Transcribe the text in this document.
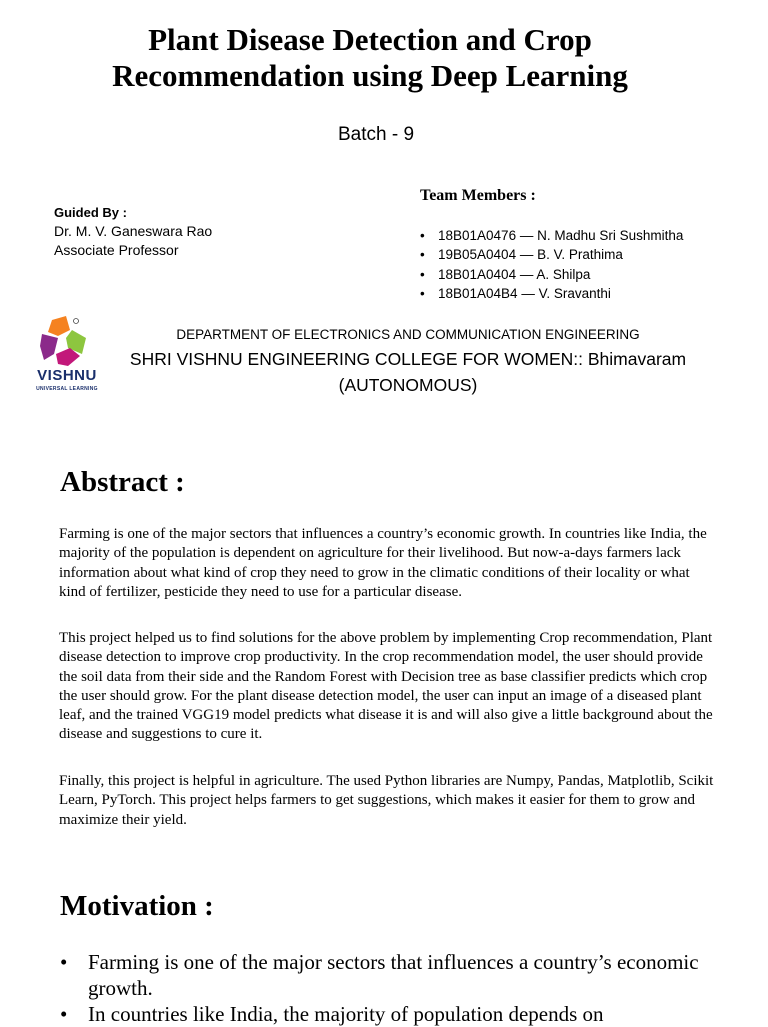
Plant Disease Detection and Crop
Recommendation using Deep Learning
Batch - 9
Guided By :
Dr. M. V. Ganeswara Rao
Associate Professor
Team Members :
• 18B01A0476 — N. Madhu Sri Sushmitha
• 19B05A0404 — B. V. Prathima
• 18B01A0404 — A. Shilpa
• 18B01A04B4 — V. Sravanthi
VISHNU
UNIVERSAL LEARNING
DEPARTMENT OF ELECTRONICS AND COMMUNICATION ENGINEERING
SHRI VISHNU ENGINEERING COLLEGE FOR WOMEN:: Bhimavaram
(AUTONOMOUS)
Abstract :
Farming is one of the major sectors that influences a country’s economic growth. In countries like India, the majority of the population is dependent on agriculture for their livelihood. But now-a-days farmers lack information about what kind of crop they need to grow in the climatic conditions of their locality or what kind of fertilizer, pesticide they need to use for a particular disease.
This project helped us to find solutions for the above problem by implementing Crop recommendation, Plant disease detection to improve crop productivity. In the crop recommendation model, the user should provide the soil data from their side and the Random Forest with Decision tree as base classifier predicts which crop the user should grow. For the plant disease detection model, the user can input an image of a diseased plant leaf, and the trained VGG19 model predicts what disease it is and will also give a little background about the disease and suggestions to cure it.
Finally, this project is helpful in agriculture. The used Python libraries are Numpy, Pandas, Matplotlib, Scikit Learn, PyTorch. This project helps farmers to get suggestions, which makes it easier for them to grow and maximize their yield.
Motivation :
• Farming is one of the major sectors that influences a country’s economic growth.
• In countries like India, the majority of population depends on
